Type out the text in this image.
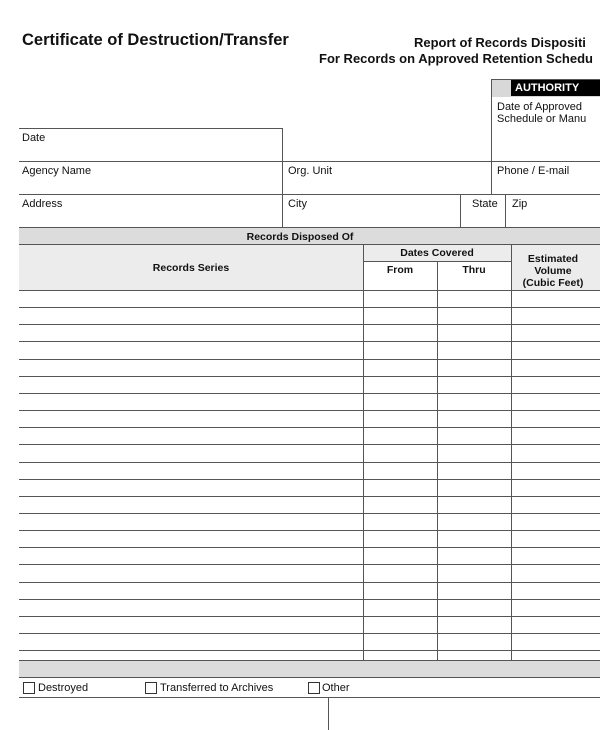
Certificate of Destruction/Transfer	Report of Records Dispositi
For Records on Approved Retention Schedu
AUTHORITY
Date of Approved
Schedule or Manu
Date
Agency Name	Org. Unit	Phone / E-mail
Address	City	State Zip
Records Disposed Of
Records Series
Dates Covered
From	Thru
Estimated
Volume
(Cubic Feet)
Destroyed	Transferred to Archives	Other
